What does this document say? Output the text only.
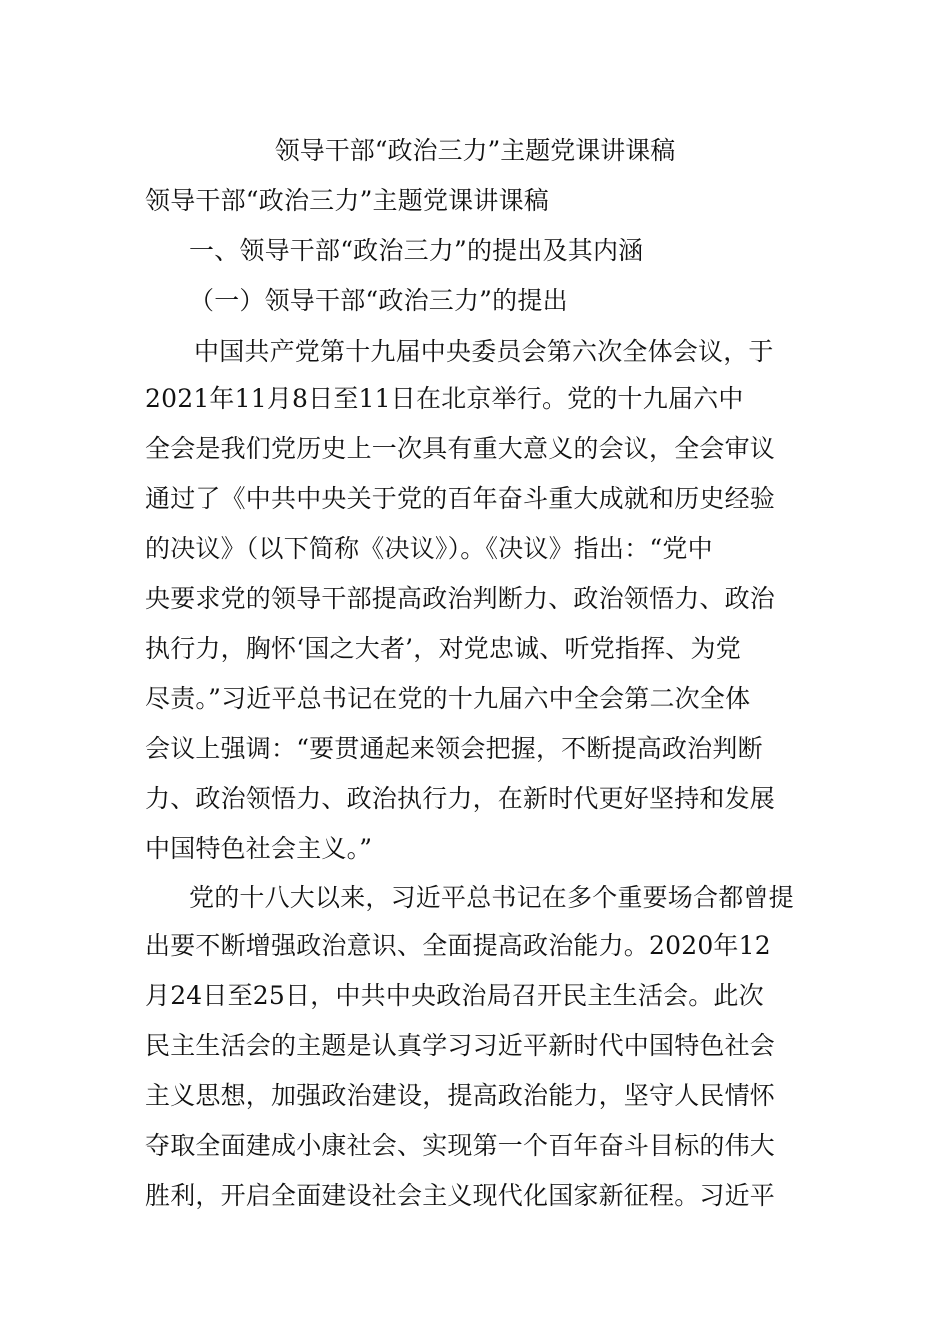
领导干部“政治三力”主题党课讲课稿
领导干部“政治三力”主题党课讲课稿
一、领导干部“政治三力”的提出及其内涵
（一）领导干部“政治三力”的提出
中国共产党第十九届中央委员会第六次全体会议，于
2021年11月8日至11日在北京举行。党的十九届六中
全会是我们党历史上一次具有重大意义的会议，全会审议
通过了《中共中央关于党的百年奋斗重大成就和历史经验
的决议》（以下简称《决议》）。《决议》指出：“党中
央要求党的领导干部提高政治判断力、政治领悟力、政治
执行力，胸怀‘国之大者’，对党忠诚、听党指挥、为党
尽责。”习近平总书记在党的十九届六中全会第二次全体
会议上强调：“要贯通起来领会把握，不断提高政治判断
力、政治领悟力、政治执行力，在新时代更好坚持和发展
中国特色社会主义。”
党的十八大以来，习近平总书记在多个重要场合都曾提
出要不断增强政治意识、全面提高政治能力。2020年12
月24日至25日，中共中央政治局召开民主生活会。此次
民主生活会的主题是认真学习习近平新时代中国特色社会
主义思想，加强政治建设，提高政治能力，坚守人民情怀
夺取全面建成小康社会、实现第一个百年奋斗目标的伟大
胜利，开启全面建设社会主义现代化国家新征程。习近平
